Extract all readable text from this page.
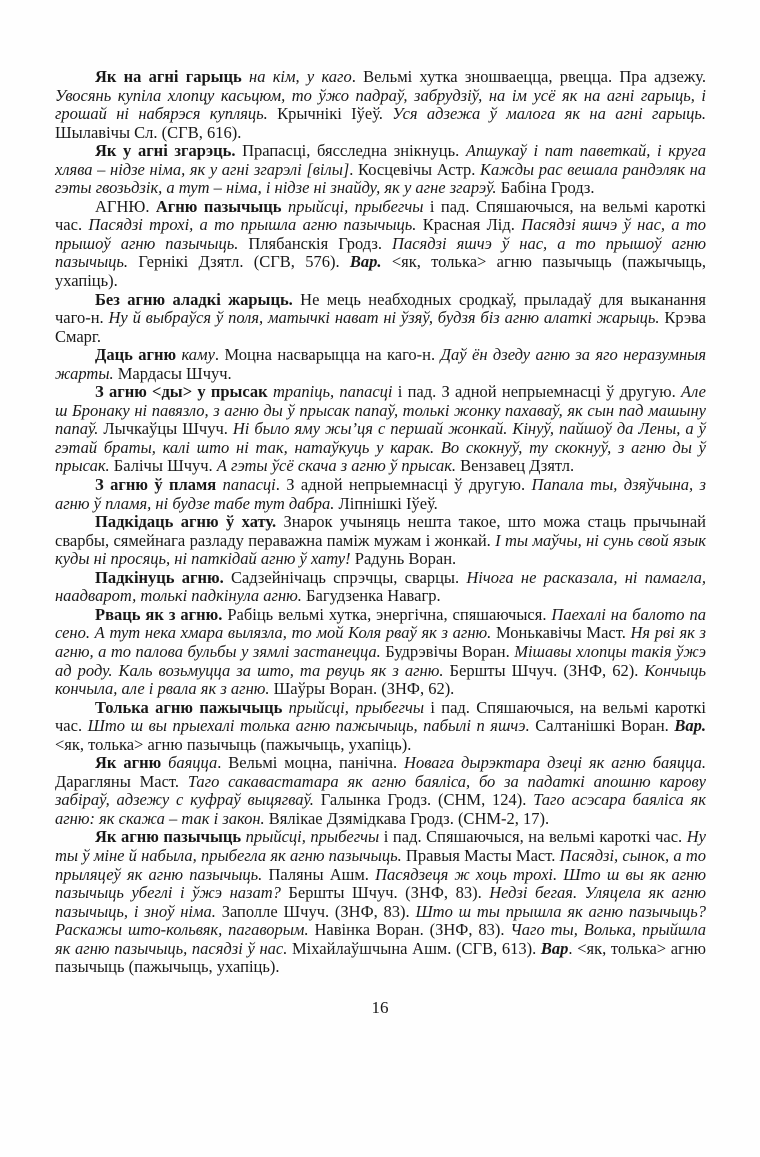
Як на агні гарыць на кім, у каго. Вельмі хутка зношваецца, рвецца. Пра адзежу. Увосянь купіла хлопцу касьцюм, то ўжо падраў, забрудзіў, на ім усё як на агні гарыць, і грошай ні набярэся купляць. Крычнікі Іўеў. Уся адзежа ў малога як на агні гарыць. Шылавічы Сл. (СГВ, 616).

Як у агні згарэць. Прапасці, бясследна знікнуць. Апшукаў і пат паветкай, і круга хлява – нідзе німа, як у агні згарэлі [вілы]. Косцевічы Астр. Кажды рас вешала рандэляк на гэты гвозьдзік, а тут – німа, і нідзе ні знайду, як у агне згарэў. Бабіна Гродз.

АГНЮ. Агню пазычыць прыйсці, прыбегчы і пад. Спяшаючыся, на вельмі кароткі час. Пасядзі трохі, а то прышла агню пазычыць. Красная Лід. Пасядзі яшчэ ў нас, а то прышоў агню пазычыць. Плябанскія Гродз. Пасядзі яшчэ ў нас, а то прышоў агню пазычыць. Гернікі Дзятл. (СГВ, 576). Вар. <як, толька> агню пазычыць (пажычыць, ухапіць).

Без агню аладкі жарыць. Не мець неабходных сродкаў, прыладаў для выканання чаго-н. Ну й выбраўся ў поля, матычкі нават ні ўзяў, будзя біз агню алаткі жарыць. Крэва Смарг.

Даць агню каму. Моцна насварыцца на каго-н. Даў ён дзеду агню за яго неразумныя жарты. Мардасы Шчуч.

З агню <ды> у прысак трапіць, папасці і пад. З адной непрыемнасці ў другую. Але ш Бронаку ні павязло, з агню ды ў прысак папаў, толькі жонку пахаваў, як сын пад машыну папаў. Лычкаўцы Шчуч. Ні было яму жы’ця с першай жонкай. Кінуў, пайшоў да Лены, а ў гэтай браты, калі што ні так, натаўкуць у карак. Во скокнуў, ту скокнуў, з агню ды ў прысак. Балічы Шчуч. А гэты ўсё скача з агню ў прысак. Вензавец Дзятл.

З агню ў пламя папасці. З адной непрыемнасці ў другую. Папала ты, дзяўчына, з агню ў пламя, ні будзе табе тут дабра. Ліпнішкі Іўеў.

Падкідаць агню ў хату. Знарок учыняць нешта такое, што можа стаць прычынай сварбы, сямейнага разладу пераважна паміж мужам і жонкай. І ты маўчы, ні сунь свой язык куды ні просяць, ні паткідай агню ў хату! Радунь Воран.

Падкінуць агню. Садзейнічаць спрэчцы, сварцы. Нічога не расказала, ні памагла, наадварот, толькі падкінула агню. Багудзенка Навагр.

Рваць як з агню. Рабіць вельмі хутка, энергічна, спяшаючыся. Паехалі на балото па сено. А тут нека хмара вылязла, то мой Коля рваў як з агню. Монькавічы Маст. Ня рві як з агню, а то палова бульбы у зямлі застанецца. Будрэвічы Воран. Мішавы хлопцы такія ўжэ ад роду. Каль возьмуцца за што, та рвуць як з агню. Бершты Шчуч. (ЗНФ, 62). Кончыць кончыла, але і рвала як з агню. Шаўры Воран. (ЗНФ, 62).

Толька агню пажычыць прыйсці, прыбегчы і пад. Спяшаючыся, на вельмі кароткі час. Што ш вы прыехалі толька агню пажычыць, пабылі п яшчэ. Салтанішкі Воран. Вар. <як, толька> агню пазычыць (пажычыць, ухапіць).

Як агню баяцца. Вельмі моцна, панічна. Новага дырэктара дзеці як агню баяцца. Дарагляны Маст. Таго сакавастатара як агню баяліса, бо за падаткі апошню карову забіраў, адзежу с куфраў выцягваў. Галынка Гродз. (СНМ, 124). Таго асэсара баяліса як агню: як скажа – так і закон. Вялікае Дзямідкава Гродз. (СНМ-2, 17).

Як агню пазычыць прыйсці, прыбегчы і пад. Спяшаючыся, на вельмі кароткі час. Ну ты ў міне й набыла, прыбегла як агню пазычыць. Правыя Масты Маст. Пасядзі, сынок, а то прыляцеў як агню пазычыць. Паляны Ашм. Пасядзеця ж хоць трохі. Што ш вы як агню пазычыць убеглі і ўжэ назат? Бершты Шчуч. (ЗНФ, 83). Недзі бегая. Уляцела як агню пазычыць, і зноў німа. Заполле Шчуч. (ЗНФ, 83). Што ш ты прышла як агню пазычыць? Раскажы што-кольвяк, пагаворым. Навінка Воран. (ЗНФ, 83). Чаго ты, Волька, прыйшла як агню пазычыць, пасядзі ў нас. Міхайлаўшчына Ашм. (СГВ, 613). Вар. <як, толька> агню пазычыць (пажычыць, ухапіць).

16
